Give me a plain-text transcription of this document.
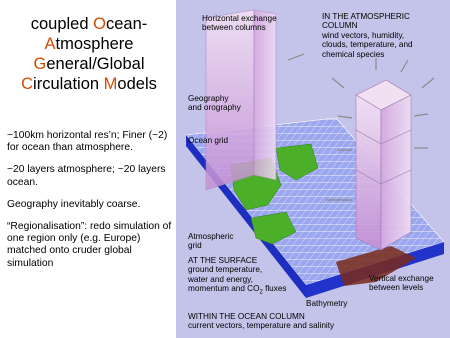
coupled Ocean-
Atmosphere
General/Global
Circulation Models

~100km horizontal res’n; Finer (~2) for ocean than atmosphere.

~20 layers atmosphere; ~20 layers ocean.

Geography inevitably coarse.

“Regionalisation”: redo simulation of one region only (e.g. Europe) matched onto cruder global simulation

Horizontal exchange
between columns
IN THE ATMOSPHERIC
COLUMN
wind vectors, humidity,
clouds, temperature, and
chemical species
Geography
and orography
Ocean grid
Atmospheric
grid
AT THE SURFACE
ground temperature,
water and energy,
momentum and $CO_2$ fluxes
Vertical exchange
between levels
Bathymetry
WITHIN THE OCEAN COLUMN
current vectors, temperature and salinity
